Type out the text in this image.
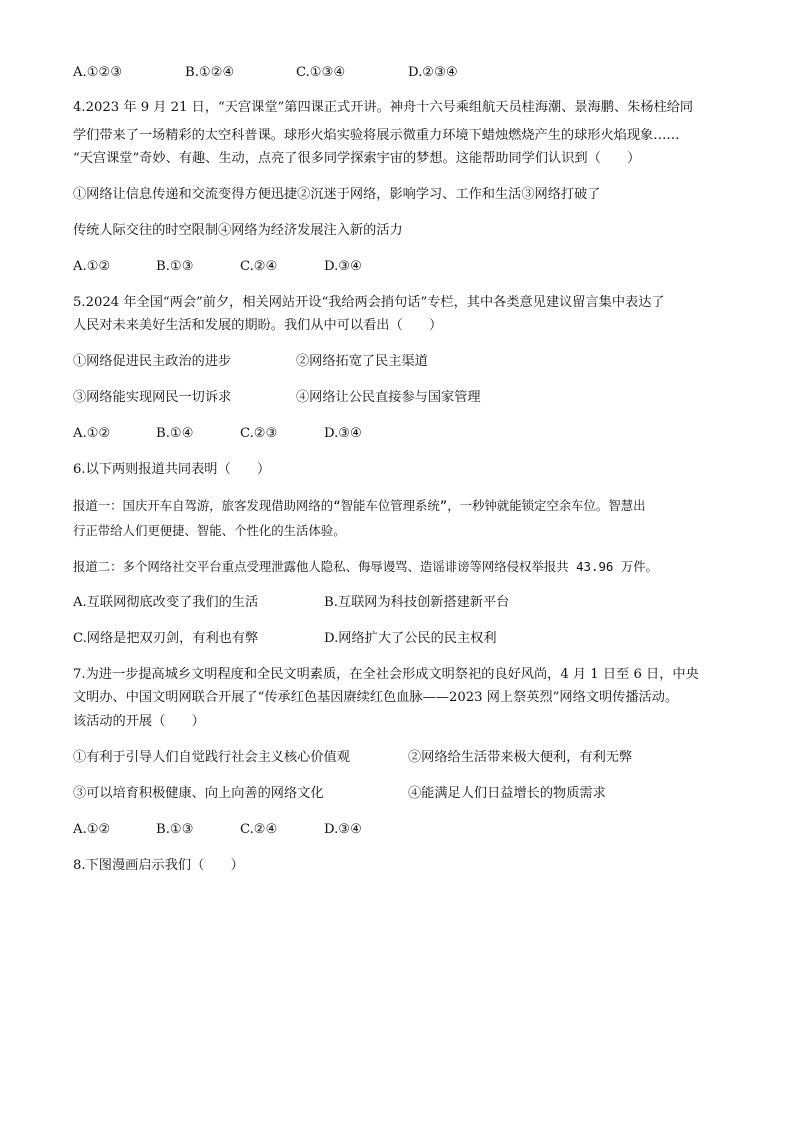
A.①②③	B.①②④	C.①③④	D.②③④
4.2023 年 9 月 21 日，“天宫课堂”第四课正式开讲。神舟十六号乘组航天员桂海潮、景海鹏、朱杨柱给同
学们带来了一场精彩的太空科普课。球形火焰实验将展示微重力环境下蜡烛燃烧产生的球形火焰现象……
“天宫课堂”奇妙、有趣、生动，点亮了很多同学探索宇宙的梦想。这能帮助同学们认识到（　　）
①网络让信息传递和交流变得方便迅捷②沉迷于网络，影响学习、工作和生活③网络打破了
传统人际交往的时空限制④网络为经济发展注入新的活力
A.①②	B.①③	C.②④	D.③④
5.2024 年全国“两会”前夕，相关网站开设“我给两会捎句话”专栏，其中各类意见建议留言集中表达了
人民对未来美好生活和发展的期盼。我们从中可以看出（　　）
①网络促进民主政治的进步	②网络拓宽了民主渠道
③网络能实现网民一切诉求	④网络让公民直接参与国家管理
A.①②	B.①④	C.②③	D.③④
6.以下两则报道共同表明（　　）
报道一：国庆开车自驾游，旅客发现借助网络的“智能车位管理系统”，一秒钟就能锁定空余车位。智慧出
行正带给人们更便捷、智能、个性化的生活体验。
报道二：多个网络社交平台重点受理泄露他人隐私、侮辱谩骂、造谣诽谤等网络侵权举报共 43.96 万件。
A.互联网彻底改变了我们的生活	B.互联网为科技创新搭建新平台
C.网络是把双刃剑，有利也有弊	D.网络扩大了公民的民主权利
7.为进一步提高城乡文明程度和全民文明素质，在全社会形成文明祭祀的良好风尚，4 月 1 日至 6 日，中央
文明办、中国文明网联合开展了“传承红色基因赓续红色血脉——2023 网上祭英烈”网络文明传播活动。
该活动的开展（　　）
①有利于引导人们自觉践行社会主义核心价值观	②网络给生活带来极大便利，有利无弊
③可以培育积极健康、向上向善的网络文化	④能满足人们日益增长的物质需求
A.①②	B.①③	C.②④	D.③④
8.下图漫画启示我们（　　）
